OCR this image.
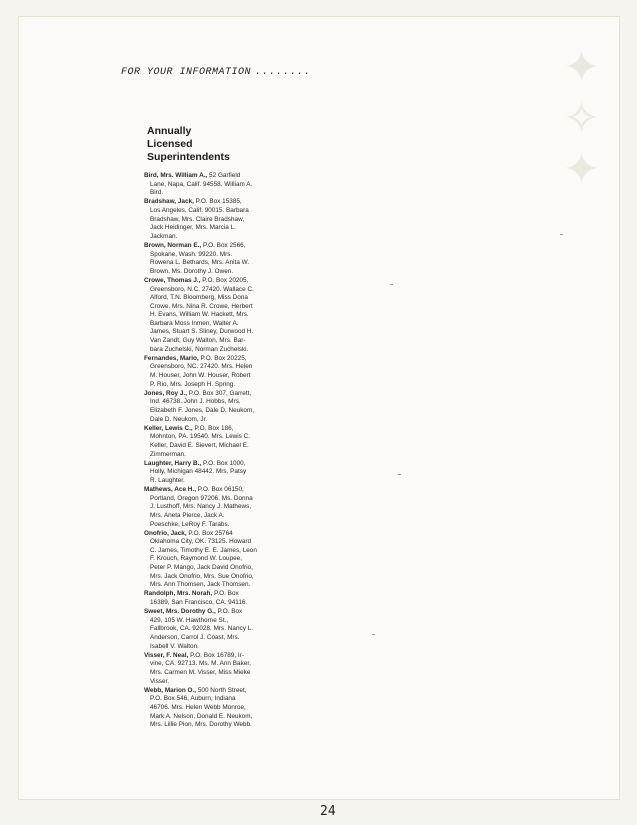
✦ ✧ ✦
FOR YOUR INFORMATION ........
Annually
Licensed
Superintendents
Bird, Mrs. William A., 52 Garfield
Lane, Napa, Calif. 94558. William A.
Bird.
Bradshaw, Jack, P.O. Box 15385,
Los Angeles, Calif. 90015. Barbara
Bradshaw, Mrs. Claire Bradshaw,
Jack Heidinger, Mrs. Marcia L.
Jackman.
Brown, Norman E., P.O. Box 2566,
Spokane, Wash. 99220. Mrs.
Rowena L. Bethards, Mrs. Anita W.
Brown, Ms. Dorothy J. Owen.
Crowe, Thomas J., P.O. Box 20205,
Greensboro, N.C. 27420. Wallace C.
Alford, T.N. Bloomberg, Miss Dona
Crowe, Mrs. Nina R. Crowe, Herbert
H. Evans, William W. Hackett, Mrs.
Barbara Moss Inmen, Walter A.
James, Stuart S. Sliney, Durwood H.
Van Zandt, Guy Walton, Mrs. Bar-
bara Zuchelski, Norman Zuchelski.
Fernandes, Mario, P.O. Box 20225,
Greensboro, NC. 27420. Mrs. Helen
M. Houser, John W. Houser, Robert
P. Rio, Mrs. Joseph H. Spring.
Jones, Roy J., P.O. Box 307, Garrett,
Ind. 46738. John J. Hobbs, Mrs.
Elizabeth F. Jones, Dale D. Neukom,
Dale D. Neukom, Jr.
Keller, Lewis C., P.O. Box 186,
Mohnton, PA. 19540. Mrs. Lewis C.
Keller, David E. Sievert, Michael E.
Zimmerman.
Laughter, Harry B., P.O. Box 1000,
Holly, Michigan 48442. Mrs. Patsy
R. Laughter.
Mathews, Ace H., P.O. Box 06150,
Portland, Oregon 97206. Ms. Donna
J. Lusthoff, Mrs. Nancy J. Mathews,
Mrs. Aneta Pierce, Jack A.
Poeschke, LeRoy F. Tarabs.
Onofrio, Jack, P.O. Box 25764
Oklahoma City, OK. 73125. Howard
C. James, Timothy E. E. James, Leon
F. Krouch, Raymond W. Loupee,
Peter P. Mango, Jack David Onofrio,
Mrs. Jack Onofrio, Mrs. Sue Onofrio,
Mrs. Ann Thomsen, Jack Thomsen.
Randolph, Mrs. Norah, P.O. Box
16389, San Francisco, CA. 94116.
Sweet, Mrs. Dorothy G., P.O. Box
429, 105 W. Hawthorne St.,
Fallbrook, CA. 92028. Mrs. Nancy L.
Anderson, Carrol J. Coast, Mrs.
Isabell V. Walton.
Visser, F. Neal, P.O. Box 16789, Ir-
vine, CA. 92713. Ms. M. Ann Baker,
Mrs. Carmen M. Visser, Miss Mieke
Visser.
Webb, Marion O., 500 North Street,
P.O. Box 546, Auburn, Indiana
46706. Mrs. Helen Webb Monroe,
Mark A. Nelson, Donald E. Neukom,
Mrs. Lillie Pion, Mrs. Dorothy Webb.
24
